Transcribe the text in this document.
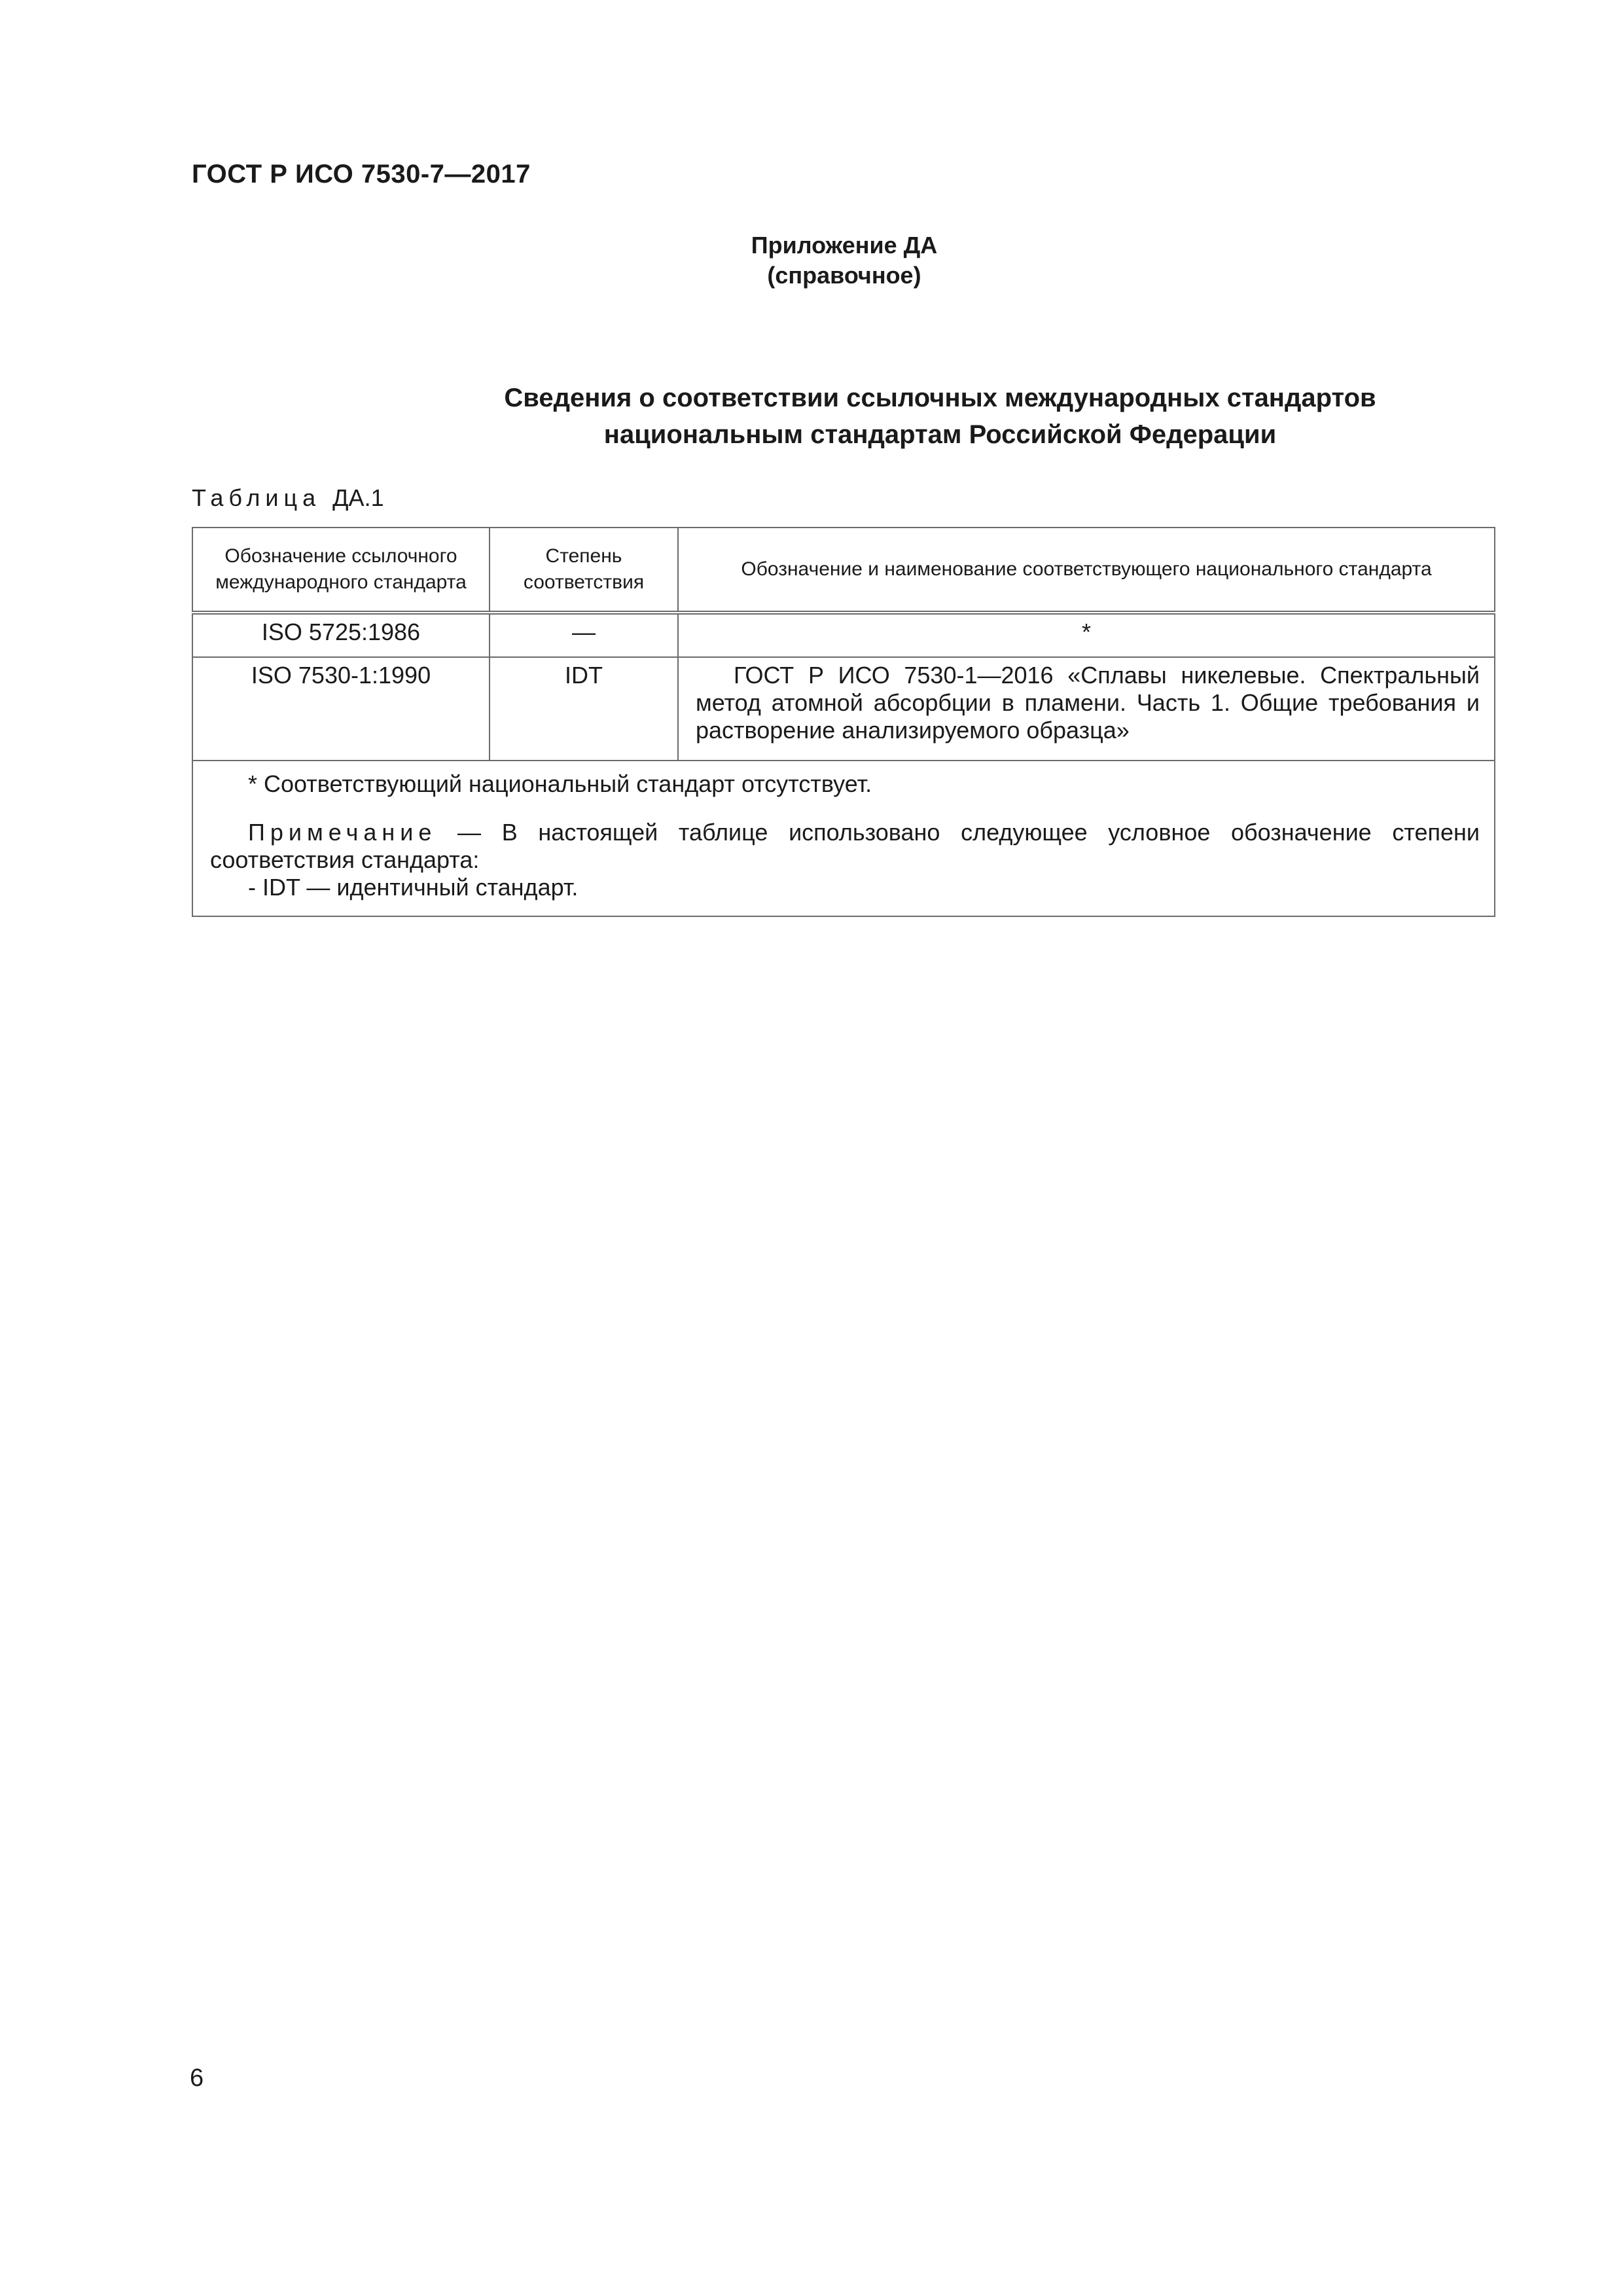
ГОСТ Р ИСО 7530-7—2017
Приложение ДА
(справочное)
Сведения о соответствии ссылочных международных стандартов
национальным стандартам Российской Федерации
Таблица ДА.1
Обозначение ссылочного международного стандарта	Степень соответствия	Обозначение и наименование соответствующего национального стандарта
ISO 5725:1986	—	*
ISO 7530-1:1990	IDT	ГОСТ Р ИСО 7530-1—2016 «Сплавы никелевые. Спектральный метод атомной абсорбции в пламени. Часть 1. Общие требования и растворение анализируемого образца»

* Соответствующий национальный стандарт отсутствует.

Примечание — В настоящей таблице использовано следующее условное обозначение степени соответствия стандарта:

- IDT — идентичный стандарт.		

6
